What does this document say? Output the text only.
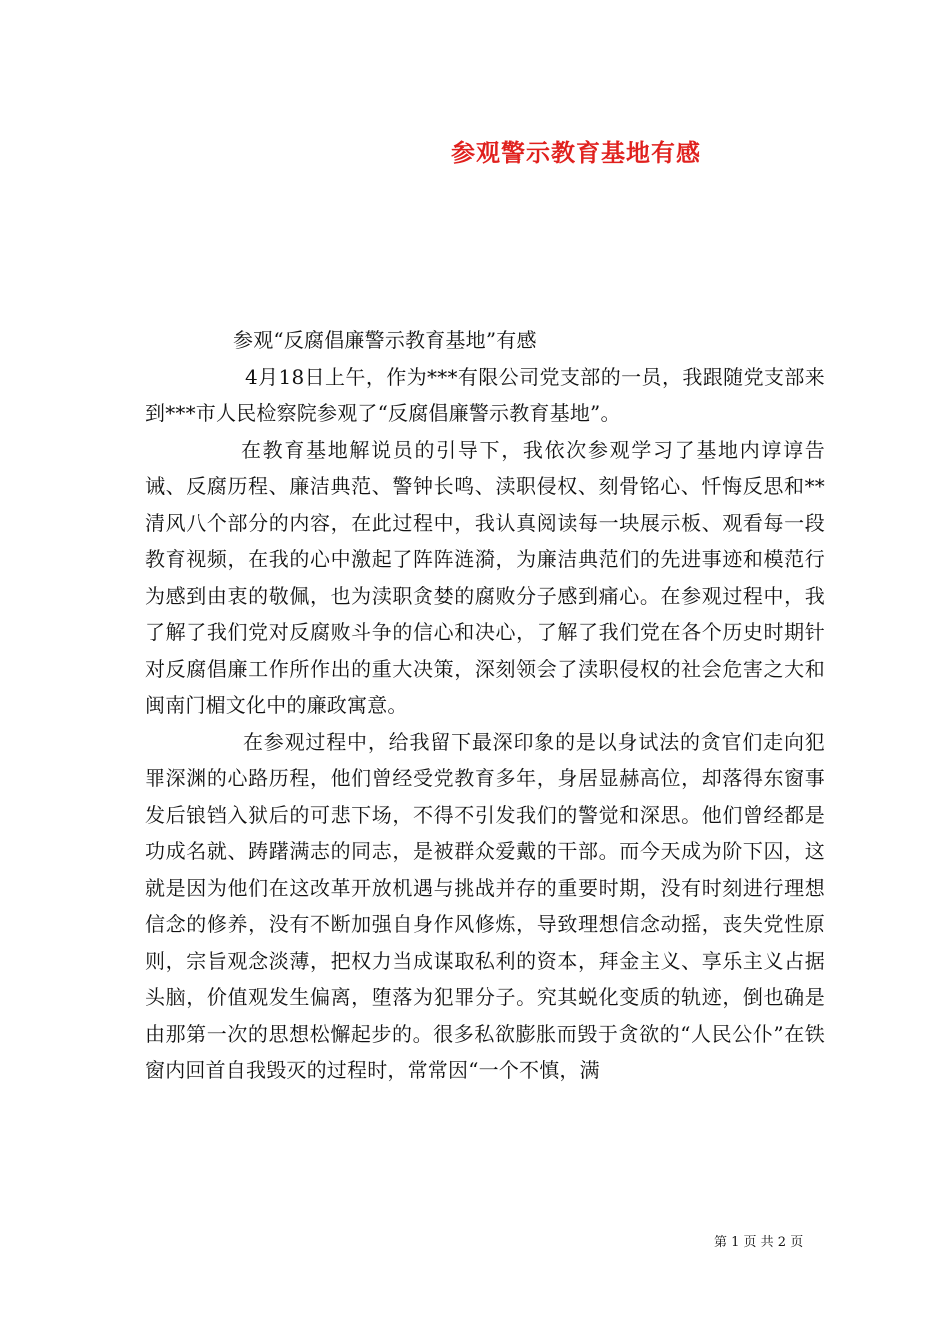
参观警示教育基地有感

参观“反腐倡廉警示教育基地”有感

4月18日上午，作为***有限公司党支部的一员，我跟随党支部来到***市人民检察院参观了“反腐倡廉警示教育基地”。

在教育基地解说员的引导下，我依次参观学习了基地内谆谆告诫、反腐历程、廉洁典范、警钟长鸣、渎职侵权、刻骨铭心、忏悔反思和**清风八个部分的内容，在此过程中，我认真阅读每一块展示板、观看每一段教育视频，在我的心中激起了阵阵涟漪，为廉洁典范们的先进事迹和模范行为感到由衷的敬佩，也为渎职贪婪的腐败分子感到痛心。在参观过程中，我了解了我们党对反腐败斗争的信心和决心，了解了我们党在各个历史时期针对反腐倡廉工作所作出的重大决策，深刻领会了渎职侵权的社会危害之大和闽南门楣文化中的廉政寓意。

在参观过程中，给我留下最深印象的是以身试法的贪官们走向犯罪深渊的心路历程，他们曾经受党教育多年，身居显赫高位，却落得东窗事发后锒铛入狱后的可悲下场，不得不引发我们的警觉和深思。他们曾经都是功成名就、踌躇满志的同志，是被群众爱戴的干部。而今天成为阶下囚，这就是因为他们在这改革开放机遇与挑战并存的重要时期，没有时刻进行理想信念的修养，没有不断加强自身作风修炼，导致理想信念动摇，丧失党性原则，宗旨观念淡薄，把权力当成谋取私利的资本，拜金主义、享乐主义占据头脑，价值观发生偏离，堕落为犯罪分子。究其蜕化变质的轨迹，倒也确是由那第一次的思想松懈起步的。很多私欲膨胀而毁于贪欲的“人民公仆”在铁窗内回首自我毁灭的过程时，常常因“一个不慎，满

第 1 页 共 2 页
